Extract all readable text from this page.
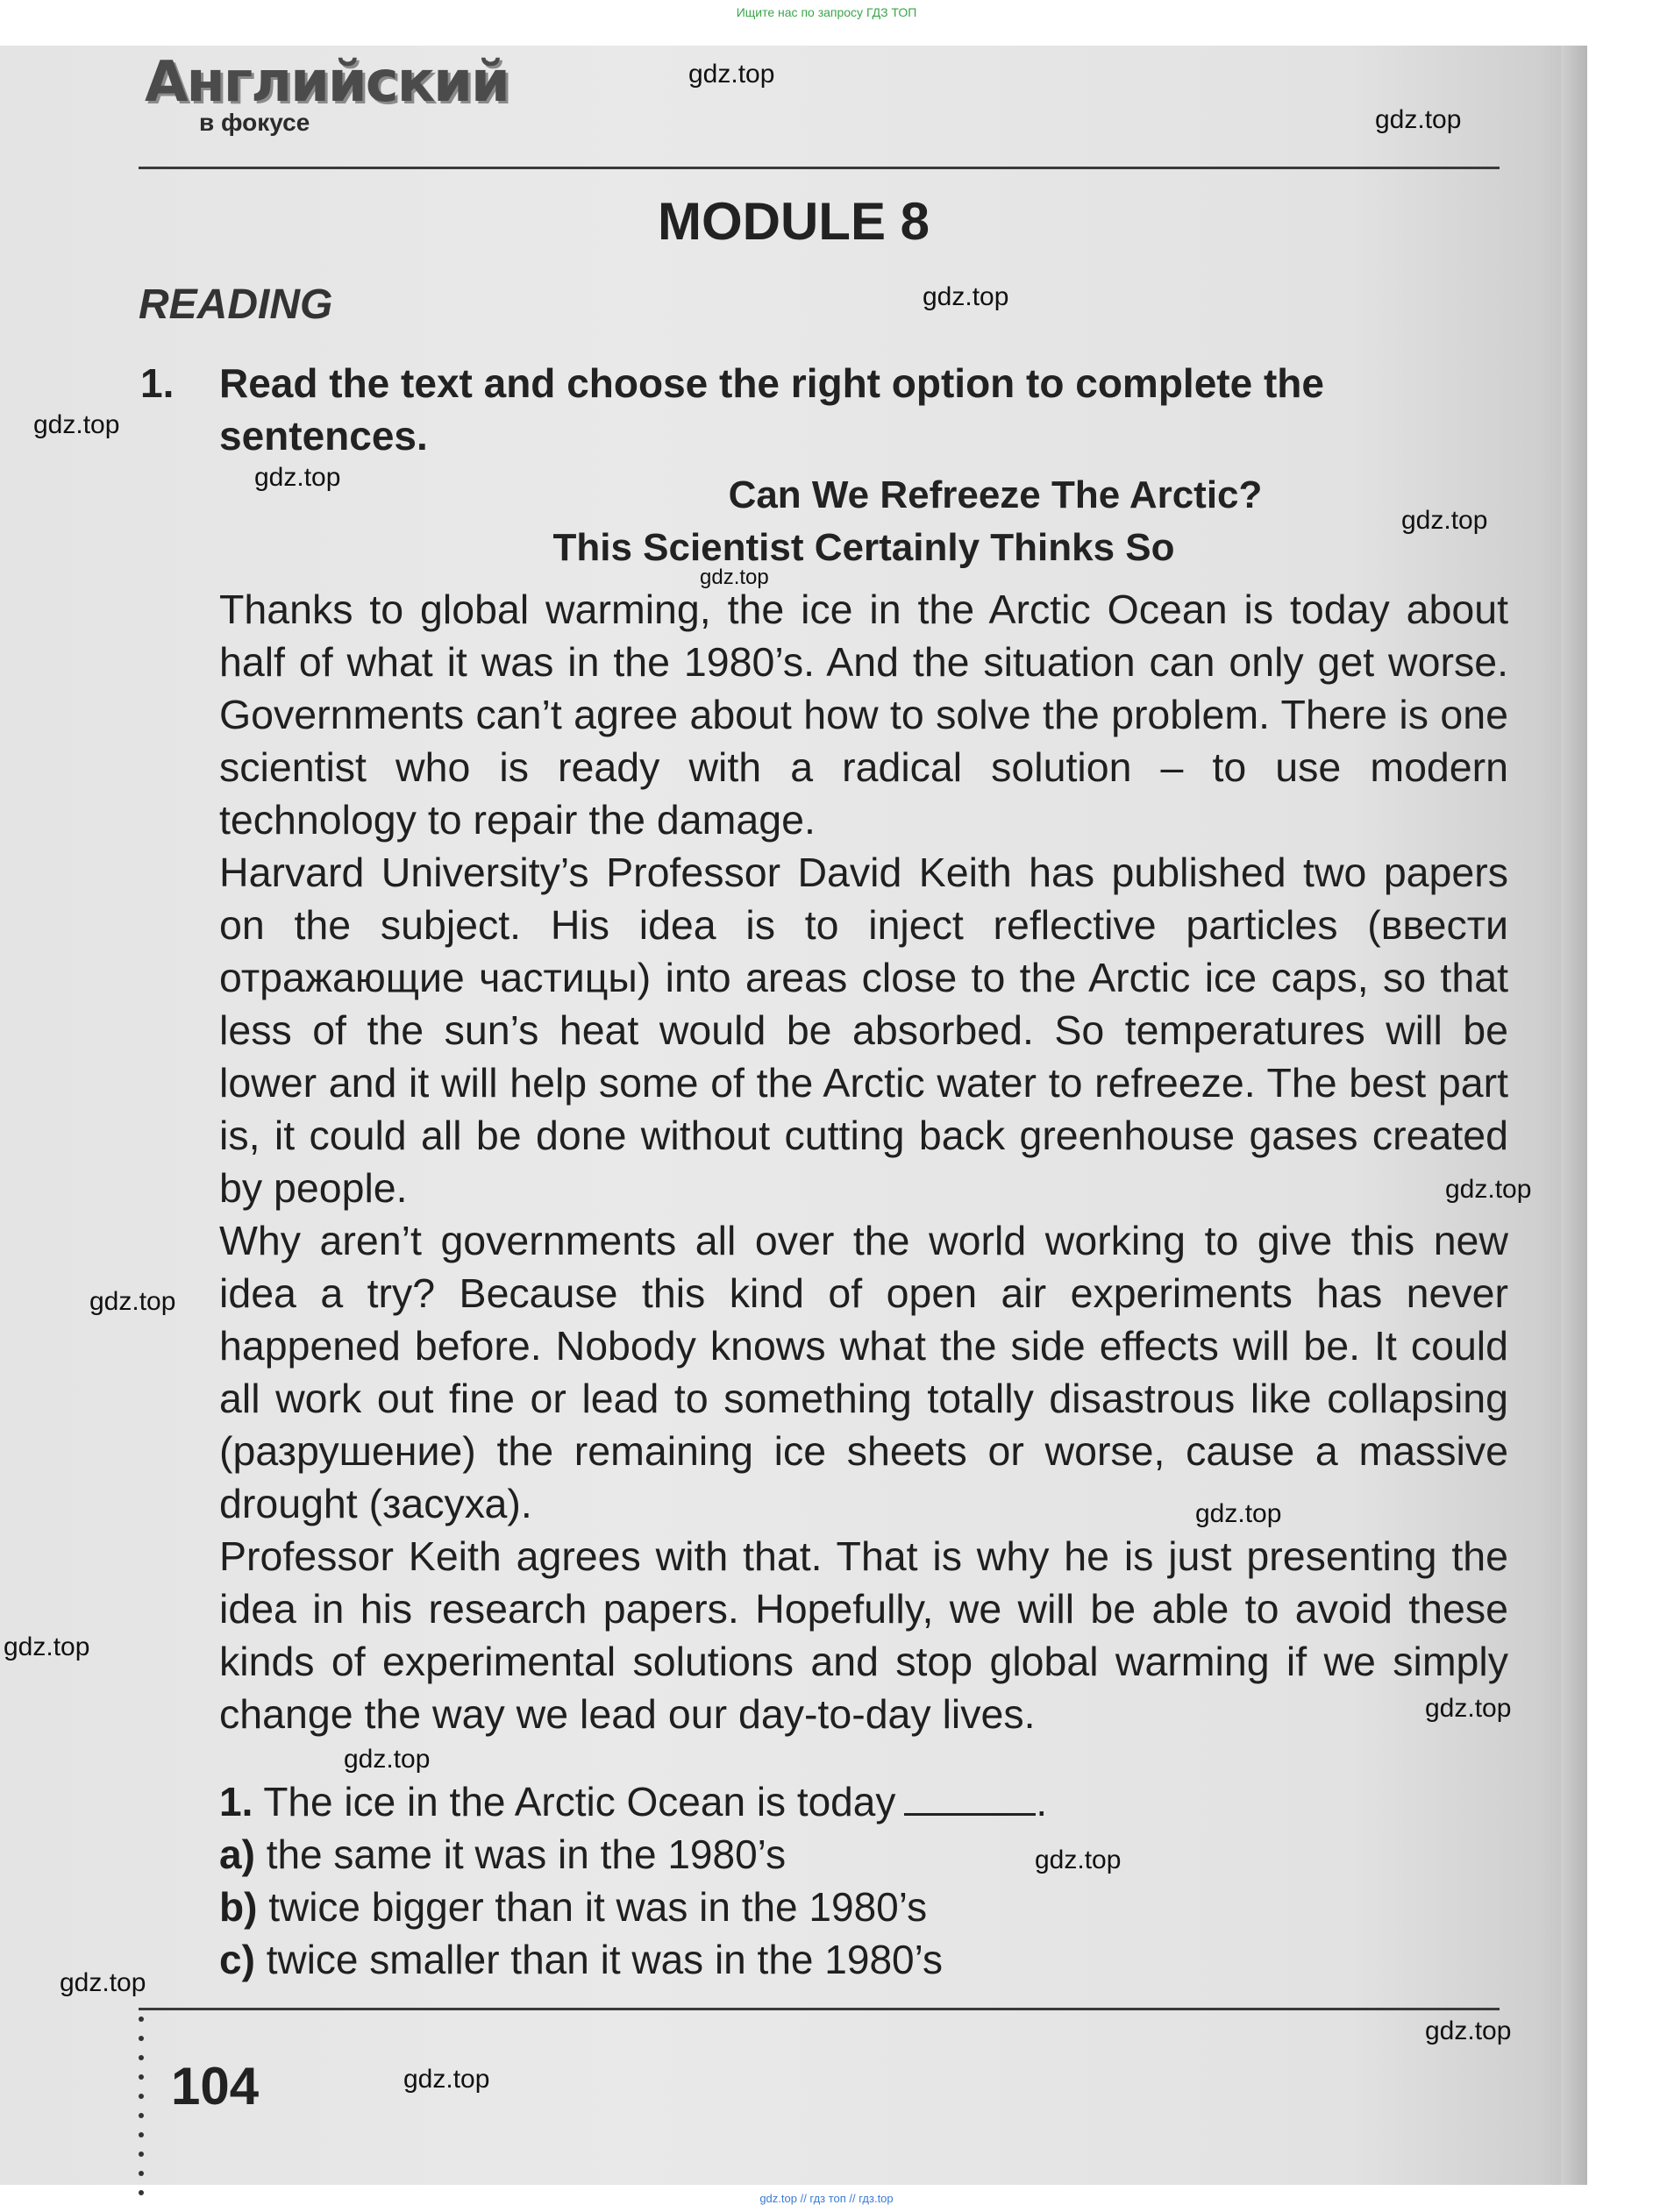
Ищите нас по запросу ГДЗ ТОП
Английский
в фокусе
MODULE 8
READING
1. Read the text and choose the right option to complete the sentences.
Can We Refreeze The Arctic?
This Scientist Certainly Thinks So

Thanks to global warming, the ice in the Arctic Ocean is today about half of what it was in the 1980’s. And the situation can only get worse. Governments can’t agree about how to solve the problem. There is one scientist who is ready with a radical solution – to use modern technology to repair the damage.

Harvard University’s Professor David Keith has published two papers on the subject. His idea is to inject reflective particles (ввести отражающие частицы) into areas close to the Arctic ice caps, so that less of the sun’s heat would be absorbed. So temperatures will be lower and it will help some of the Arctic water to refreeze. The best part is, it could all be done without cutting back greenhouse gases created by people.

Why aren’t governments all over the world working to give this new idea a try? Because this kind of open air experiments has never happened before. Nobody knows what the side effects will be. It could all work out fine or lead to something totally disastrous like collapsing (разрушение) the remaining ice sheets or worse, cause a massive drought (засуха).

Professor Keith agrees with that. That is why he is just presenting the idea in his research papers. Hopefully, we will be able to avoid these kinds of experimental solutions and stop global warming if we simply change the way we lead our day-to-day lives.

1. The ice in the Arctic Ocean is today	.
a) the same it was in the 1980’s
b) twice bigger than it was in the 1980’s
c) twice smaller than it was in the 1980’s
104
gdz.top
gdz.top
gdz.top
gdz.top
gdz.top
gdz.top
gdz.top
gdz.top
gdz.top
gdz.top
gdz.top
gdz.top
gdz.top
gdz.top
gdz.top
gdz.top
gdz.top
gdz.top // гдз топ // гдз.top
